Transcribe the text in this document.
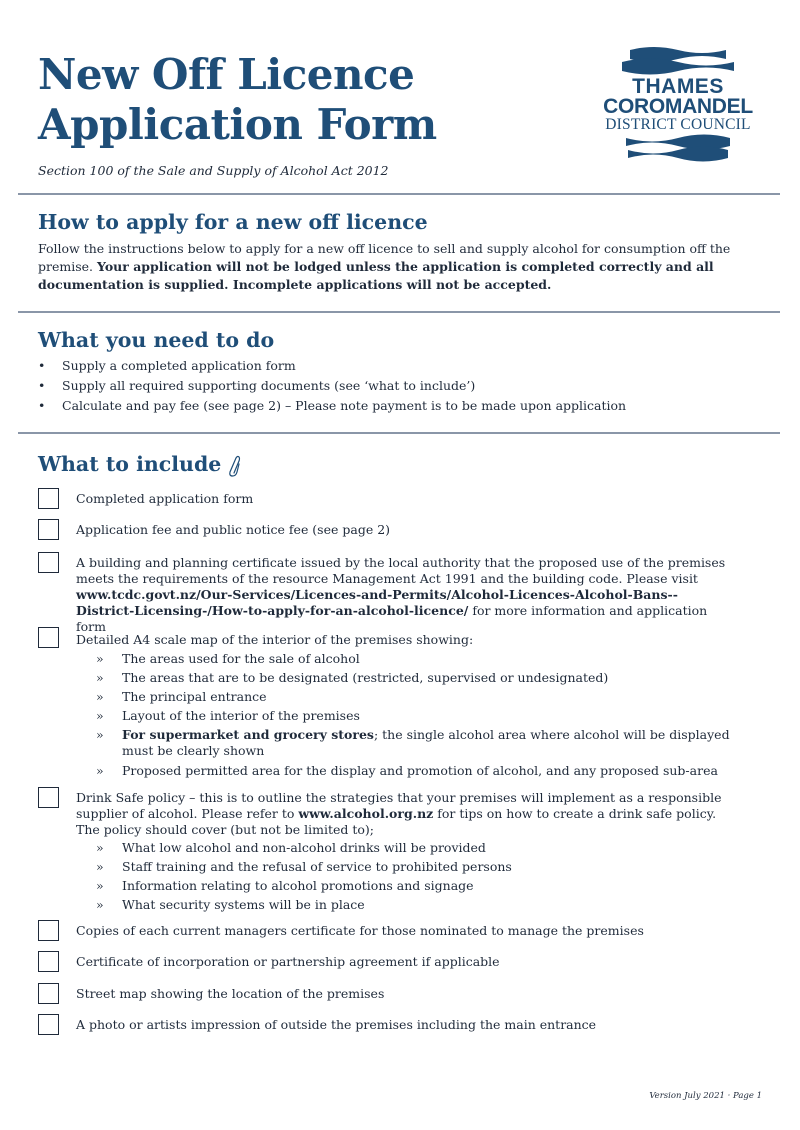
New Off Licence
Application Form
Section 100 of the Sale and Supply of Alcohol Act 2012
THAMES
COROMANDEL
DISTRICT COUNCIL
How to apply for a new off licence
Follow the instructions below to apply for a new off licence to sell and supply alcohol for consumption off the premise. Your application will not be lodged unless the application is completed correctly and all documentation is supplied. Incomplete applications will not be accepted.
What you need to do
• Supply a completed application form
• Supply all required supporting documents (see ‘what to include’)
• Calculate and pay fee (see page 2) – Please note payment is to be made upon application
What to include
Completed application form
Application fee and public notice fee (see page 2)
A building and planning certificate issued by the local authority that the proposed use of the premises meets the requirements of the resource Management Act 1991 and the building code. Please visit www.tcdc.govt.nz/Our-Services/Licences-and-Permits/Alcohol-Licences-Alcohol-Bans--District-Licensing-/How-to-apply-for-an-alcohol-licence/ for more information and application form
Detailed A4 scale map of the interior of the premises showing:
» The areas used for the sale of alcohol
» The areas that are to be designated (restricted, supervised or undesignated)
» The principal entrance
» Layout of the interior of the premises
» For supermarket and grocery stores; the single alcohol area where alcohol will be displayed must be clearly shown
» Proposed permitted area for the display and promotion of alcohol, and any proposed sub-area
Drink Safe policy – this is to outline the strategies that your premises will implement as a responsible supplier of alcohol. Please refer to www.alcohol.org.nz for tips on how to create a drink safe policy. The policy should cover (but not be limited to);
» What low alcohol and non-alcohol drinks will be provided
» Staff training and the refusal of service to prohibited persons
» Information relating to alcohol promotions and signage
» What security systems will be in place
Copies of each current managers certificate for those nominated to manage the premises
Certificate of incorporation or partnership agreement if applicable
Street map showing the location of the premises
A photo or artists impression of outside the premises including the main entrance
Version July 2021 · Page 1
